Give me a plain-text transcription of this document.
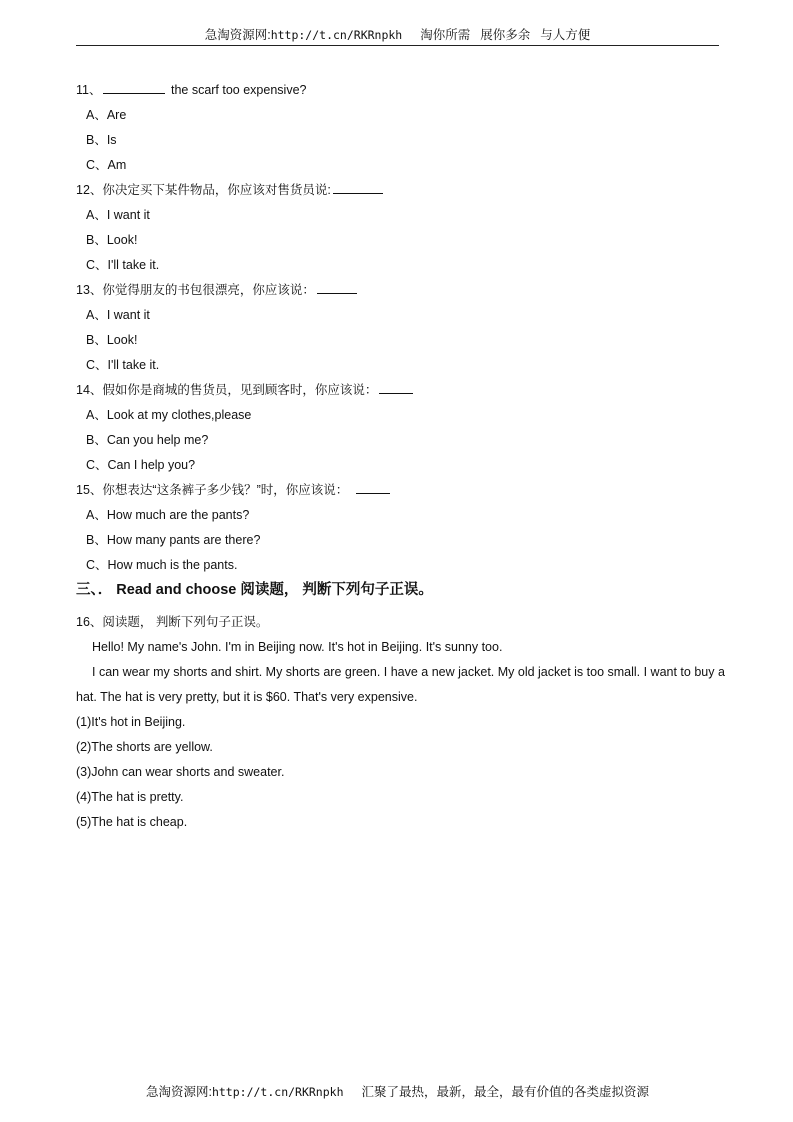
急淘资源网:http://t.cn/RKRnpkh 淘你所需 展你多余 与人方便
11、	the scarf too expensive?
A、Are
B、Is
C、Am
12、你决定买下某件物品，你应该对售货员说:
A、I want it
B、Look!
C、I'll take it.
13、你觉得朋友的书包很漂亮，你应该说：
A、I want it
B、Look!
C、I'll take it.
14、假如你是商城的售货员，见到顾客时，你应该说：
A、Look at my clothes,please
B、Can you help me?
C、Can I help you?
15、你想表达“这条裤子多少钱？”时，你应该说：
A、How much are the pants?
B、How many pants are there?
C、How much is the pants.
三、． Read and choose 阅读题， 判断下列句子正误。
16、阅读题， 判断下列句子正误。
Hello! My name's John. I'm in Beijing now. It's hot in Beijing. It's sunny too.
I can wear my shorts and shirt. My shorts are green. I have a new jacket. My old jacket is too small. I want to buy a hat. The hat is very pretty, but it is $60. That's very expensive.
(1)It's hot in Beijing.
(2)The shorts are yellow.
(3)John can wear shorts and sweater.
(4)The hat is pretty.
(5)The hat is cheap.
急淘资源网:http://t.cn/RKRnpkh 汇聚了最热，最新，最全，最有价值的各类虚拟资源
